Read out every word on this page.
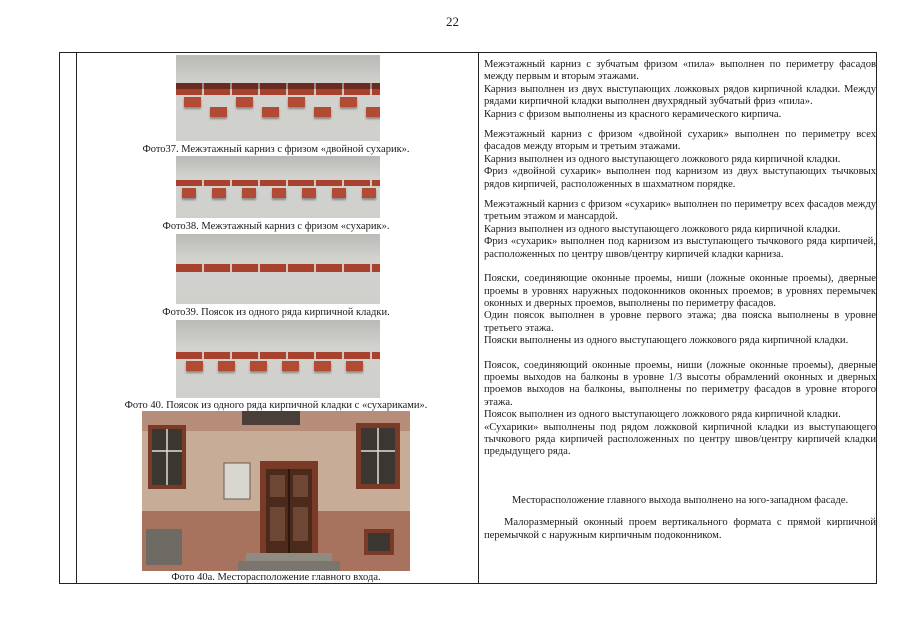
22
Фото37. Межэтажный карниз с фризом «двойной сухарик».
Фото38. Межэтажный карниз с фризом «сухарик».
Фото39. Поясок из одного ряда кирпичной кладки.
Фото 40. Поясок из одного ряда кирпичной кладки с «сухариками».
Фото 40а. Месторасположение главного входа.

Межэтажный карниз с зубчатым фризом «пила» выполнен по периметру фасадов между первым и вторым этажами.

Карниз выполнен из двух выступающих ложковых рядов кирпичной кладки. Между рядами кирпичной кладки выполнен двухрядный зубчатый фриз «пила».

Карниз с фризом выполнены из красного керамического кирпича.

Межэтажный карниз с фризом «двойной сухарик» выполнен по периметру всех фасадов между вторым и третьим этажами.

Карниз выполнен из одного выступающего ложкового ряда кирпичной кладки.

Фриз «двойной сухарик» выполнен под карнизом из двух выступающих тычковых рядов кирпичей, расположенных в шахматном порядке.

Межэтажный карниз с фризом «сухарик» выполнен по периметру всех фасадов между третьим этажом и мансардой.

Карниз выполнен из одного выступающего ложкового ряда кирпичной кладки.

Фриз «сухарик» выполнен под карнизом из выступающего тычкового ряда кирпичей, расположенных по центру швов/центру кирпичей кладки карниза.

Пояски, соединяющие оконные проемы, ниши (ложные оконные проемы), дверные проемы в уровнях наружных подоконников оконных проемов; в уровнях перемычек оконных и дверных проемов, выполнены по периметру фасадов.

Один поясок выполнен в уровне первого этажа; два пояска выполнены в уровне третьего этажа.

Пояски выполнены из одного выступающего ложкового ряда кирпичной кладки.

Поясок, соединяющий оконные проемы, ниши (ложные оконные проемы), дверные проемы выходов на балконы в уровне 1/3 высоты обрамлений оконных и дверных проемов выходов на балконы, выполнены по периметру фасадов в уровне второго этажа.

Поясок выполнен из одного выступающего ложкового ряда кирпичной кладки.

«Сухарики» выполнены под рядом ложковой кирпичной кладки из выступающего тычкового ряда кирпичей расположенных по центру швов/центру кирпичей кладки предыдущего ряда.

Месторасположение главного выхода выполнено на юго-западном фасаде.

Малоразмерный оконный проем вертикального формата с прямой кирпичной перемычкой с наружным кирпичным подоконником.
